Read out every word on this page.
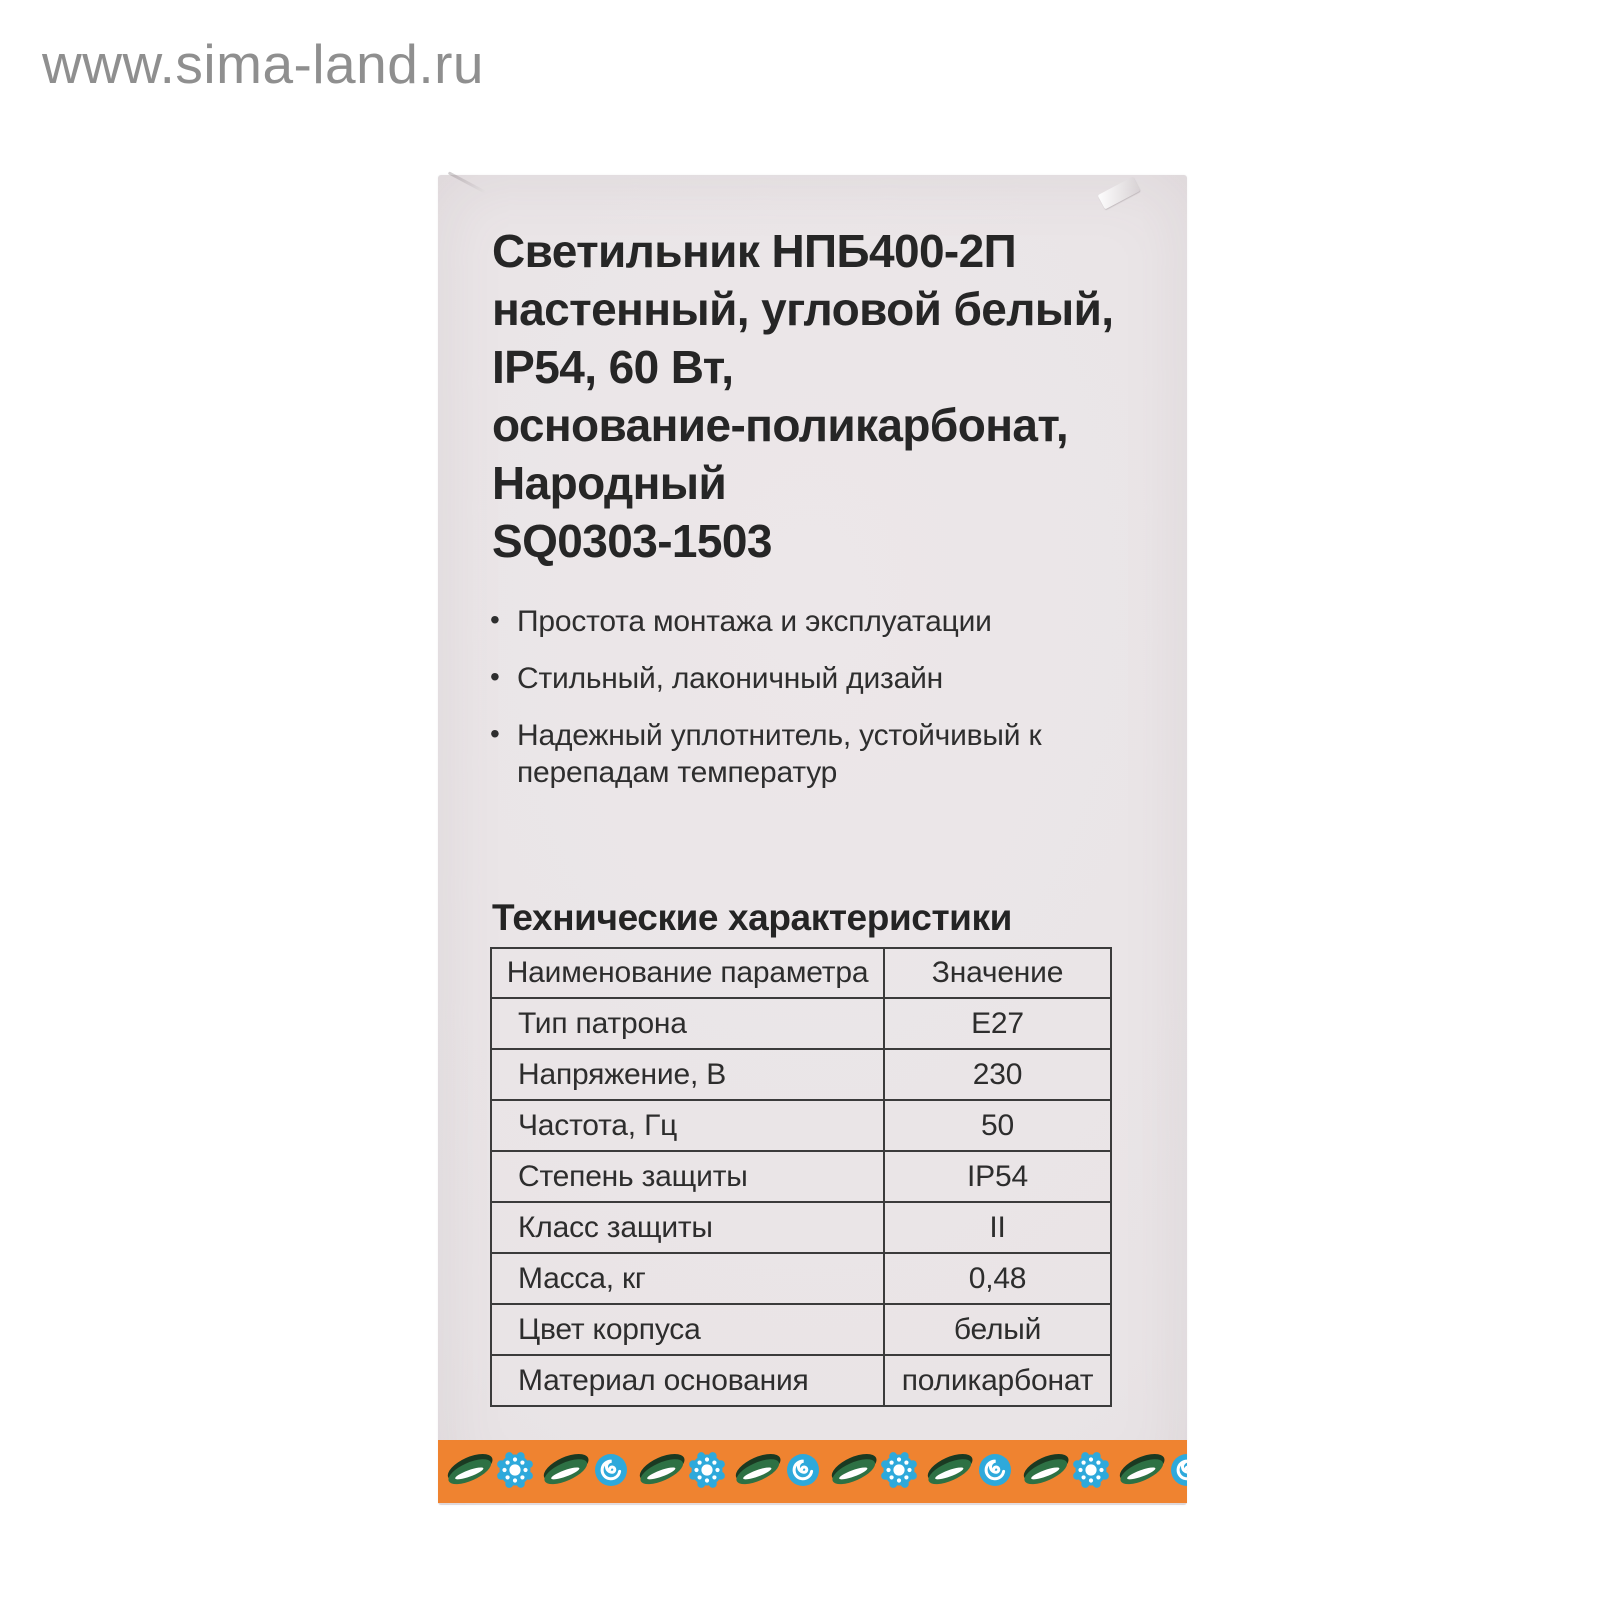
www.sima-land.ru
Светильник НПБ400-2П
настенный, угловой белый,
IP54, 60 Вт,
основание-поликарбонат,
Народный
SQ0303-1503
• Простота монтажа и эксплуатации
• Стильный, лаконичный дизайн
• Надежный уплотнитель, устойчивый к перепадам температур
Технические характеристики
Наименование параметра	Значение
Тип патрона	Е27
Напряжение, В	230
Частота, Гц	50
Степень защиты	IP54
Класс защиты	II
Масса, кг	0,48
Цвет корпуса	белый
Материал основания	поликарбонат
